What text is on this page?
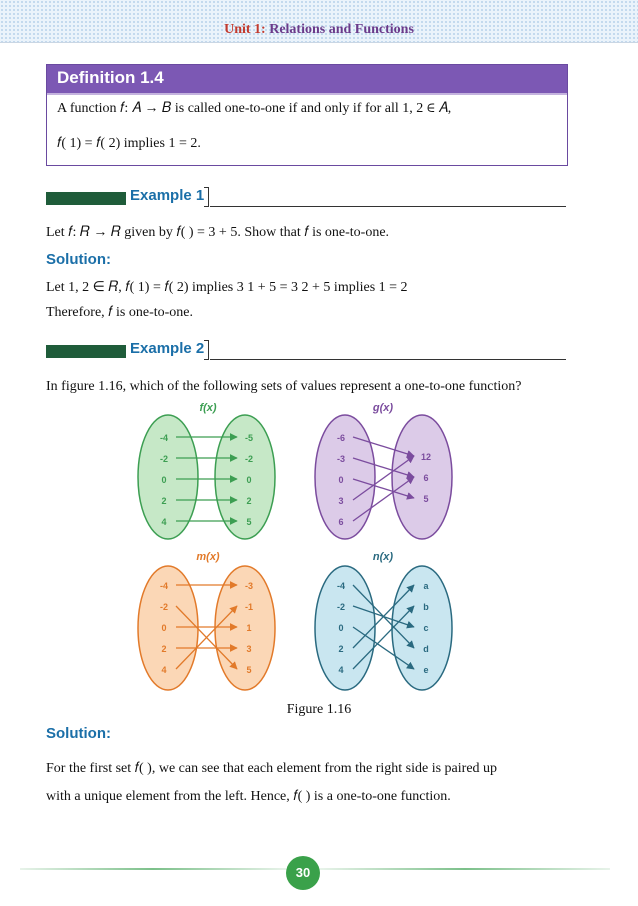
Unit 1: Relations and Functions
Definition 1.4
A function 𝑓: 𝐴 → 𝐵 is called one-to-one if and only if for all 1, 2 ∈ 𝐴,
𝑓( 1) = 𝑓( 2) implies 1 = 2.
Example 1
Let 𝑓: 𝑅 → 𝑅 given by 𝑓( ) = 3 + 5. Show that 𝑓 is one-to-one.
Solution:
Let 1, 2 ∈ 𝑅, 𝑓( 1) = 𝑓( 2) implies 3 1 + 5 = 3 2 + 5 implies 1 = 2
Therefore, 𝑓 is one-to-one.
Example 2
In figure 1.16, which of the following sets of values represent a one-to-one function?
f(x)
-4
-2
0
2
4
-5
-2
0
2
5
g(x)
-6
-3
0
3
6
12
6
5
m(x)
-4
-2
0
2
4
-3
-1
1
3
5
n(x)
-4
-2
0
2
4
a
b
c
d
e
Figure 1.16
Solution:
For the first set 𝑓( ), we can see that each element from the right side is paired up
with a unique element from the left. Hence, 𝑓( ) is a one-to-one function.
30
